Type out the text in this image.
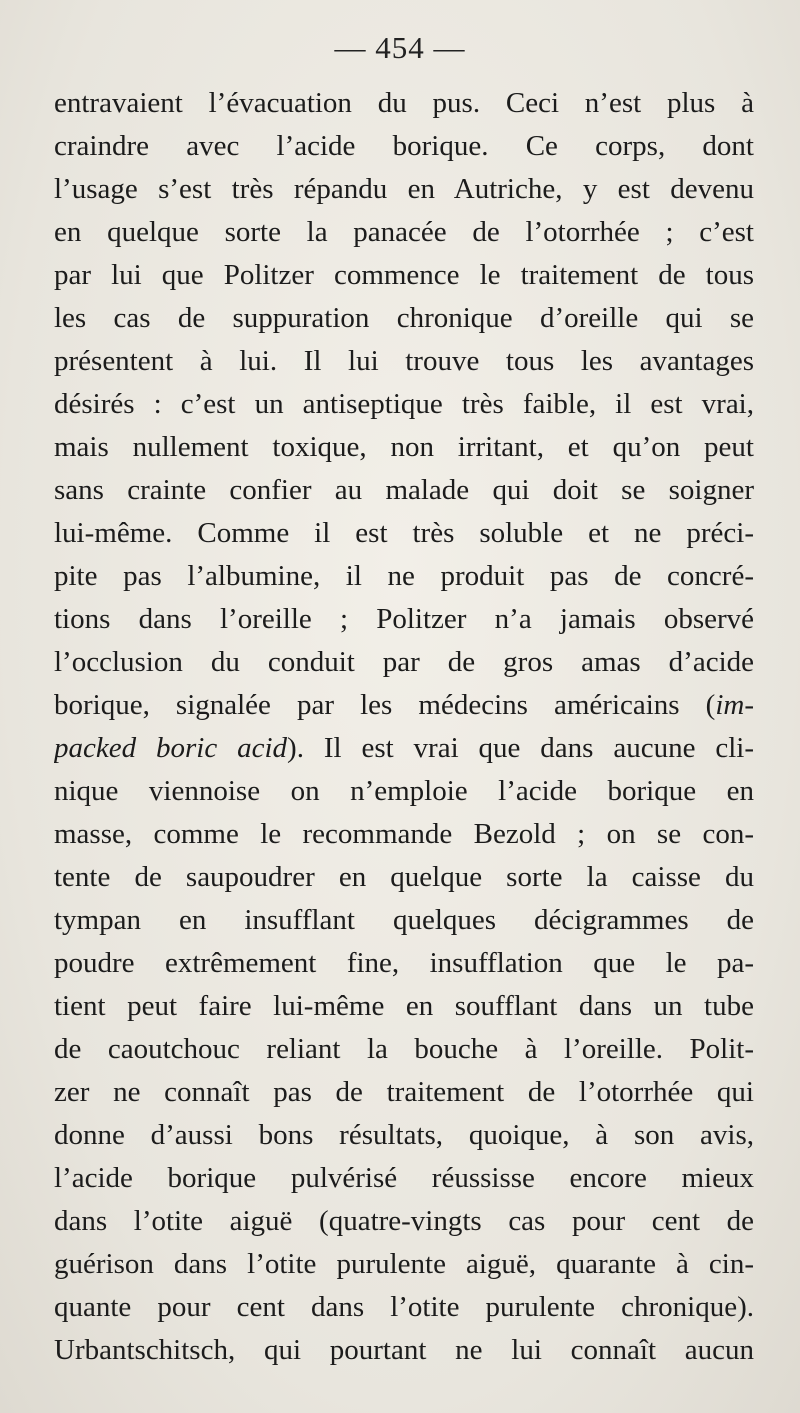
— 454 —
entravaient l’évacuation du pus. Ceci n’est plus à
craindre avec l’acide borique. Ce corps, dont
l’usage s’est très répandu en Autriche, y est devenu
en quelque sorte la panacée de l’otorrhée ; c’est
par lui que Politzer commence le traitement de tous
les cas de suppuration chronique d’oreille qui se
présentent à lui. Il lui trouve tous les avantages
désirés : c’est un antiseptique très faible, il est vrai,
mais nullement toxique, non irritant, et qu’on peut
sans crainte confier au malade qui doit se soigner
lui-même. Comme il est très soluble et ne préci-
pite pas l’albumine, il ne produit pas de concré-
tions dans l’oreille ; Politzer n’a jamais observé
l’occlusion du conduit par de gros amas d’acide
borique, signalée par les médecins américains (im-
packed boric acid). Il est vrai que dans aucune cli-
nique viennoise on n’emploie l’acide borique en
masse, comme le recommande Bezold ; on se con-
tente de saupoudrer en quelque sorte la caisse du
tympan en insufflant quelques décigrammes de
poudre extrêmement fine, insufflation que le pa-
tient peut faire lui-même en soufflant dans un tube
de caoutchouc reliant la bouche à l’oreille. Polit-
zer ne connaît pas de traitement de l’otorrhée qui
donne d’aussi bons résultats, quoique, à son avis,
l’acide borique pulvérisé réussisse encore mieux
dans l’otite aiguë (quatre-vingts cas pour cent de
guérison dans l’otite purulente aiguë, quarante à cin-
quante pour cent dans l’otite purulente chronique).
Urbantschitsch, qui pourtant ne lui connaît aucun
